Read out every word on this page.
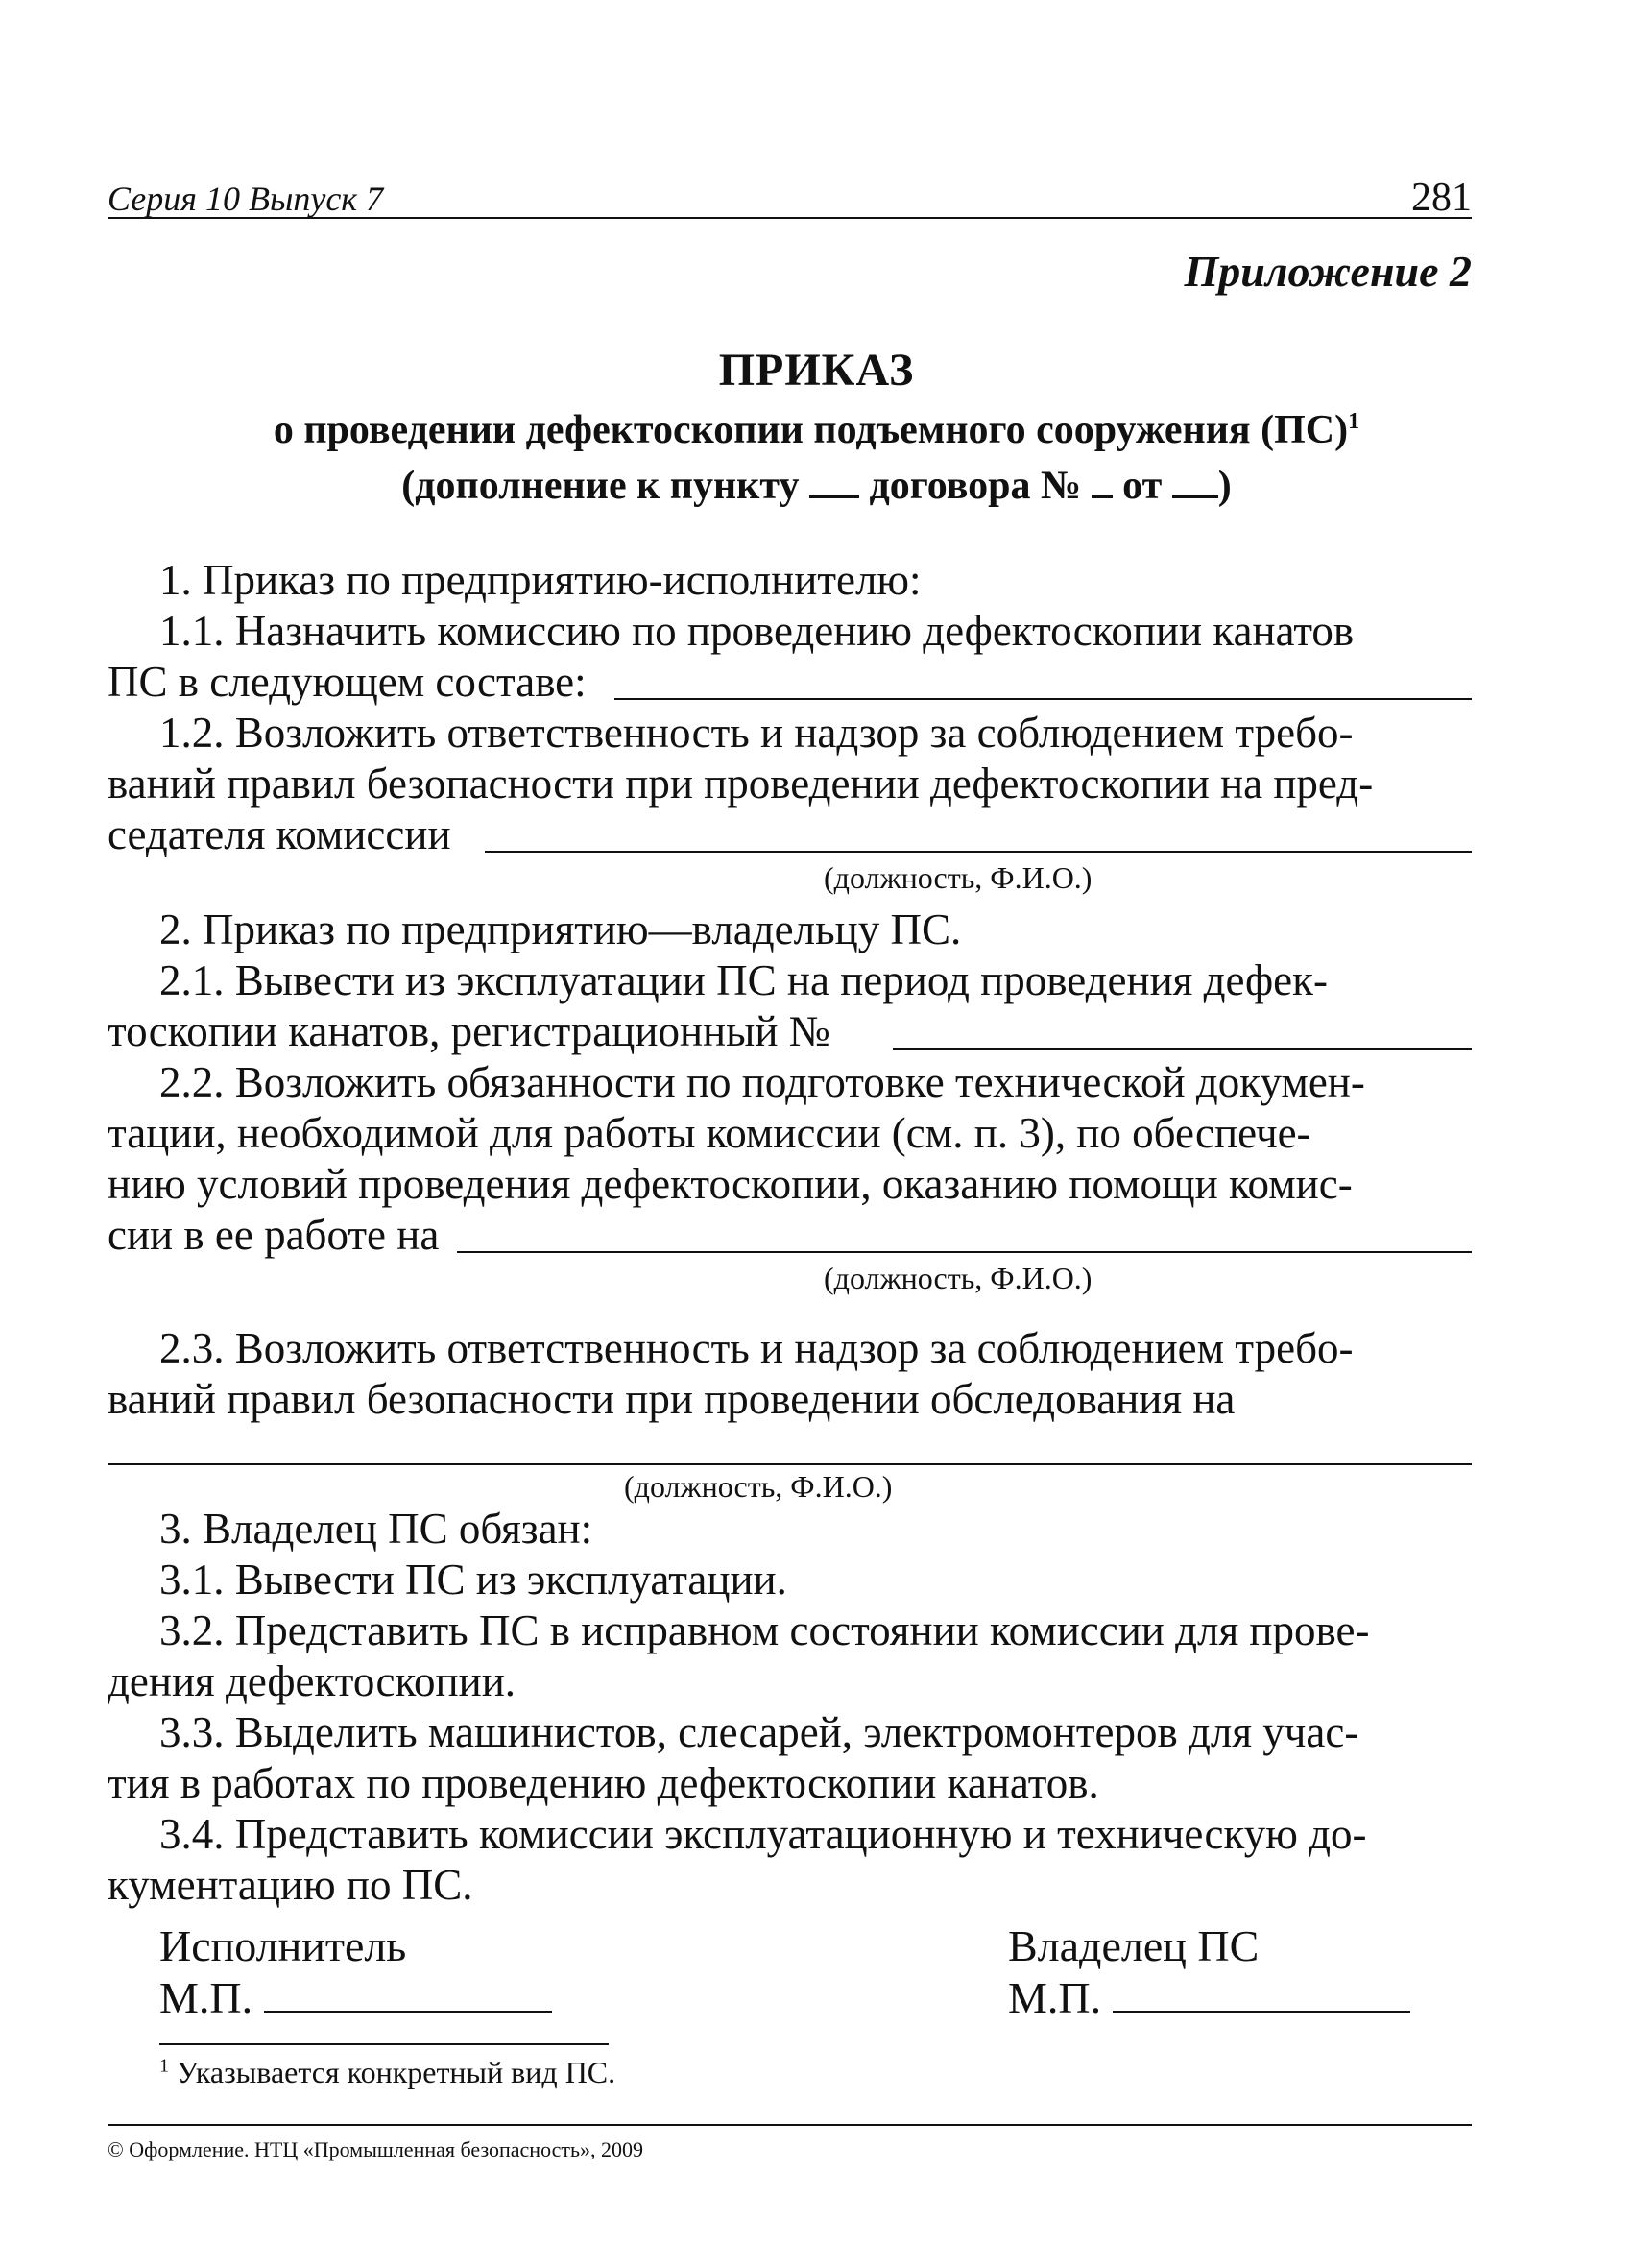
Серия 10 Выпуск 7	281
Приложение 2
ПРИКАЗ
о проведении дефектоскопии подъемного сооружения (ПС)$^1$
(дополнение к пункту договора № от )
1. Приказ по предприятию-исполнителю:
1.1. Назначить комиссию по проведению дефектоскопии канатов
ПС в следующем составе:
1.2. Возложить ответственность и надзор за соблюдением требо-
ваний правил безопасности при проведении дефектоскопии на пред-
седателя комиссии
(должность, Ф.И.О.)
2. Приказ по предприятию—владельцу ПС.
2.1. Вывести из эксплуатации ПС на период проведения дефек-
тоскопии канатов, регистрационный №
2.2. Возложить обязанности по подготовке технической докумен-
тации, необходимой для работы комиссии (см. п. 3), по обеспече-
нию условий проведения дефектоскопии, оказанию помощи комис-
сии в ее работе на
(должность, Ф.И.О.)
2.3. Возложить ответственность и надзор за соблюдением требо-
ваний правил безопасности при проведении обследования на
(должность, Ф.И.О.)
3. Владелец ПС обязан:
3.1. Вывести ПС из эксплуатации.
3.2. Представить ПС в исправном состоянии комиссии для прове-
дения дефектоскопии.
3.3. Выделить машинистов, слесарей, электромонтеров для учас-
тия в работах по проведению дефектоскопии канатов.
3.4. Представить комиссии эксплуатационную и техническую до-
кументацию по ПС.
Исполнитель
М.П.
Владелец ПС
М.П.
$^1$ Указывается конкретный вид ПС.
© Оформление. НТЦ «Промышленная безопасность», 2009
